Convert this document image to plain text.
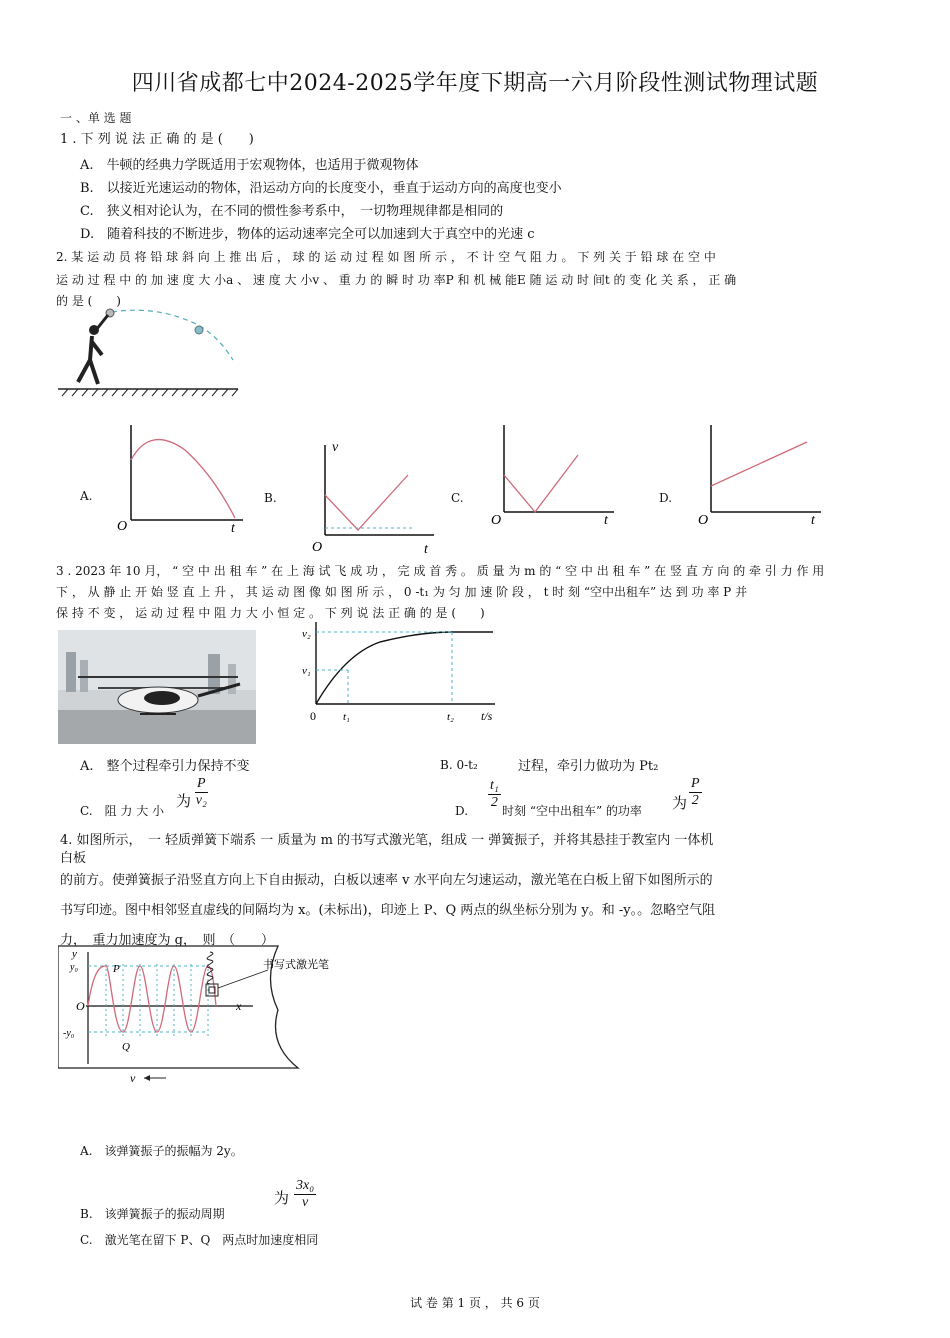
四川省成都七中2024-2025学年度下期高一六月阶段性测试物理试题
一 、单 选 题
1 . 下 列 说 法 正 确 的 是 (　　)
A.　牛顿的经典力学既适用于宏观物体，也适用于微观物体
B.　以接近光速运动的物体，沿运动方向的长度变小，垂直于运动方向的高度也变小
C.　狭义相对论认为，在不同的惯性参考系中，　一切物理规律都是相同的
D.　随着科技的不断进步，物体的运动速率完全可以加速到大于真空中的光速 c
2. 某 运 动 员 将 铅 球 斜 向 上 推 出 后 ， 球 的 运 动 过 程 如 图 所 示 ， 不 计 空 气 阻 力 。 下 列 关 于 铅 球 在 空 中
运 动 过 程 中 的 加 速 度 大 小a 、 速 度 大 小v 、 重 力 的 瞬 时 功 率P 和 机 械 能E 随 运 动 时 间t 的 变 化 关 系 ， 正 确
的 是 (　　)
A.
O	t
B.
v
O	t
C.
O	t
D.
O	t
3 . 2023 年 10 月， “ 空 中 出 租 车 ” 在 上 海 试 飞 成 功 ， 完 成 首 秀 。 质 量 为 m 的 “ 空 中 出 租 车 ” 在 竖 直 方 向 的 牵 引 力 作 用
下 ， 从 静 止 开 始 竖 直 上 升 ， 其 运 动 图 像 如 图 所 示 ， 0 -t₁ 为 匀 加 速 阶 段 ， t 时 刻 “空中出租车” 达 到 功 率 P 并
保 持 不 变 ， 运 动 过 程 中 阻 力 大 小 恒 定 。 下 列 说 法 正 确 的 是 (　　)
v₂
v₁
0 t₁	t₂ t/s
A.　整个过程牵引力保持不变	B. 0-t₂	过程，牵引力做功为 Pt₂
C.　阻 力 大 小
为 $\frac{P}{\text{v₂}}$
D. $\frac{\text{t₁}}{2}$ 时刻 “空中出租车” 的功率 为 $\frac{P}{2}$
4. 如图所示，　一 轻质弹簧下端系 一 质量为 m 的书写式激光笔，组成 一 弹簧振子，并将其悬挂于教室内 一体机
白板
的前方。使弹簧振子沿竖直方向上下自由振动，白板以速率 v 水平向左匀速运动，激光笔在白板上留下如图所示的
书写印迹。图中相邻竖直虚线的间隔均为 x。(未标出)，印迹上 P、Q 两点的纵坐标分别为 y。和 -y。。忽略空气阻
力，　重力加速度为 g，　则　（　　）
书写式激光笔
y
y₀	P
O	x
-y₀
Q
v
A.　该弹簧振子的振幅为 2y。
B.　该弹簧振子的振动周期
为 $\frac{\text{3x₀}}{v}$
C.　激光笔在留下 P、Q　两点时加速度相同
试 卷 第 1 页 ， 共 6 页
